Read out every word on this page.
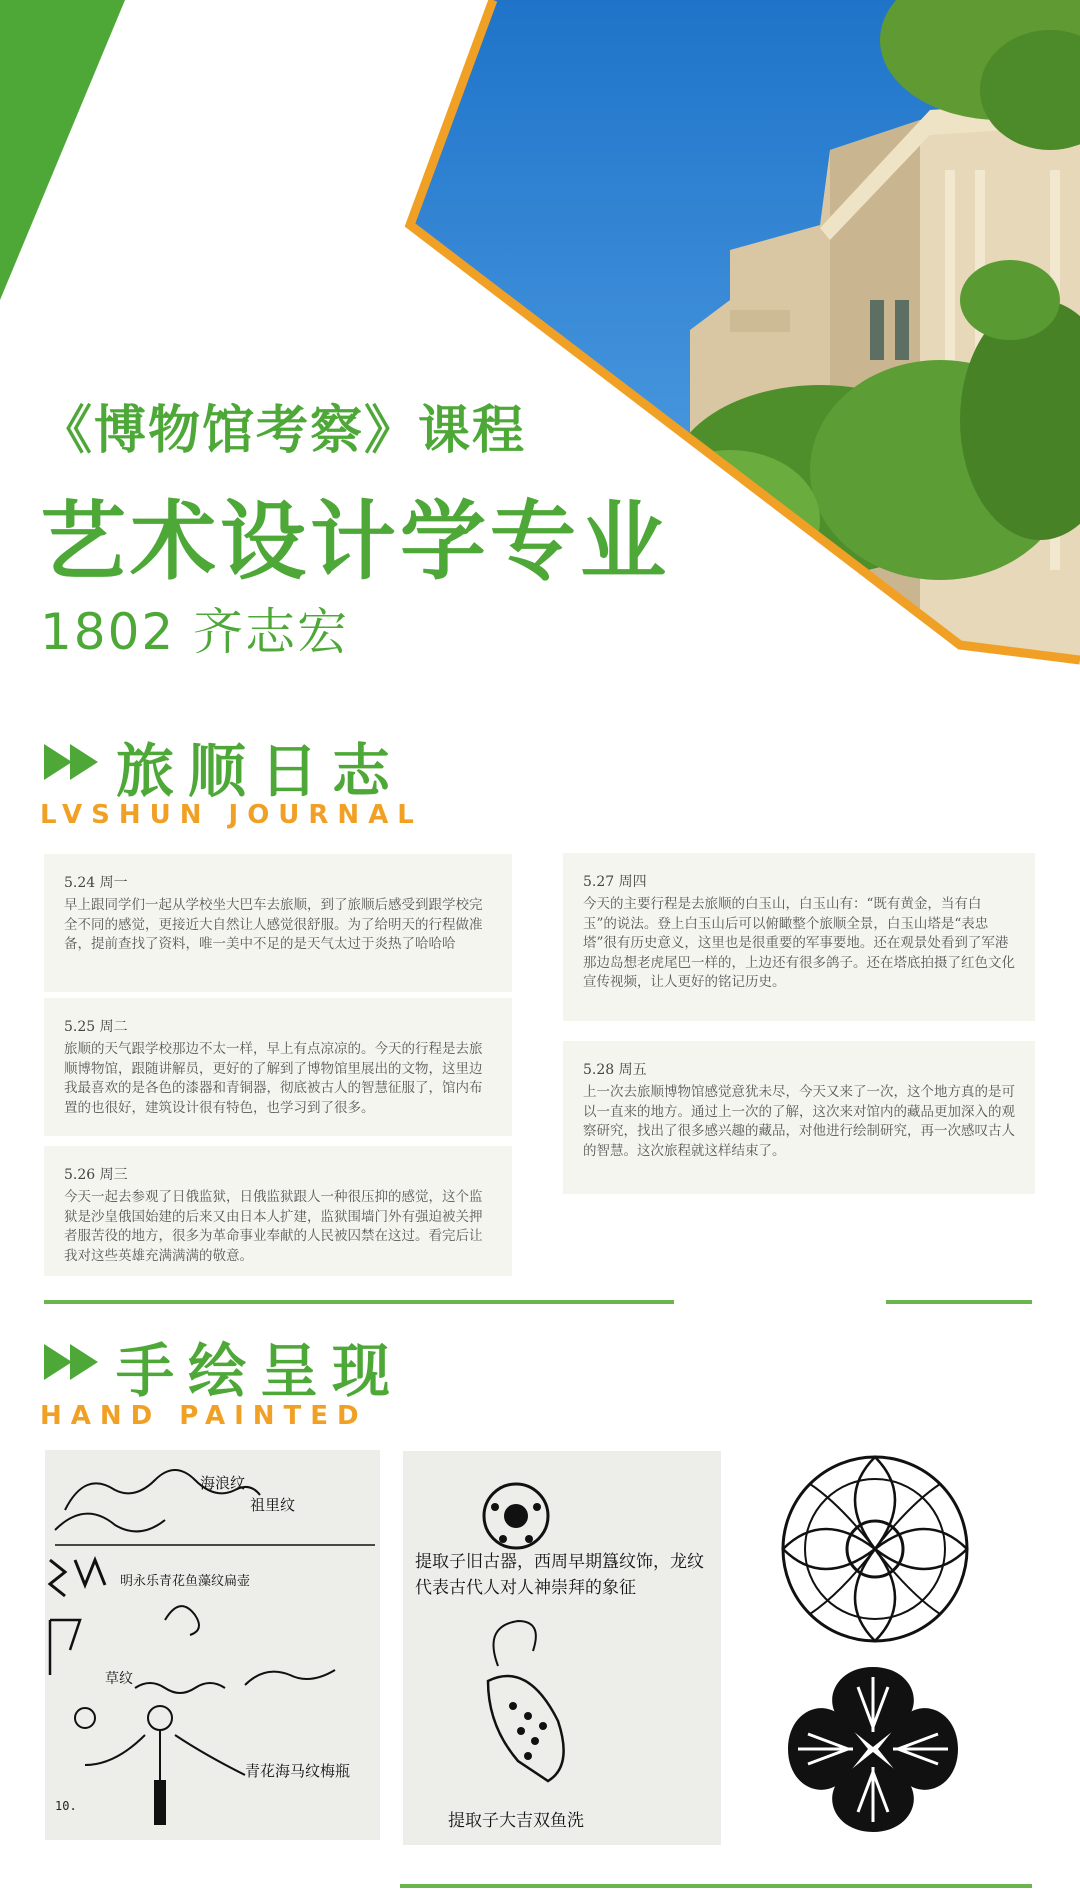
《博物馆考察》课程
艺术设计学专业
1802 齐志宏
旅顺日志
LVSHUN JOURNAL
5.24 周一
早上跟同学们一起从学校坐大巴车去旅顺，到了旅顺后感受到跟学校完全不同的感觉，更接近大自然让人感觉很舒服。为了给明天的行程做准备，提前查找了资料，唯一美中不足的是天气太过于炎热了哈哈哈
5.25 周二
旅顺的天气跟学校那边不太一样，早上有点凉凉的。今天的行程是去旅顺博物馆，跟随讲解员，更好的了解到了博物馆里展出的文物，这里边我最喜欢的是各色的漆器和青铜器，彻底被古人的智慧征服了，馆内布置的也很好，建筑设计很有特色，也学习到了很多。
5.26 周三
今天一起去参观了日俄监狱，日俄监狱跟人一种很压抑的感觉，这个监狱是沙皇俄国始建的后来又由日本人扩建，监狱围墙门外有强迫被关押者服苦役的地方，很多为革命事业奉献的人民被囚禁在这过。看完后让我对这些英雄充满满满的敬意。
5.27 周四
今天的主要行程是去旅顺的白玉山，白玉山有：“既有黄金，当有白玉”的说法。登上白玉山后可以俯瞰整个旅顺全景，白玉山塔是“表忠塔”很有历史意义，这里也是很重要的军事要地。还在观景处看到了军港那边岛想老虎尾巴一样的，上边还有很多鸽子。还在塔底拍摄了红色文化宣传视频，让人更好的铭记历史。
5.28 周五
上一次去旅顺博物馆感觉意犹未尽，今天又来了一次，这个地方真的是可以一直来的地方。通过上一次的了解，这次来对馆内的藏品更加深入的观察研究，找出了很多感兴趣的藏品，对他进行绘制研究，再一次感叹古人的智慧。这次旅程就这样结束了。
手绘呈现
HAND PAINTED
10.
海浪纹
祖里纹
明永乐青花鱼藻纹扁壶
草纹
青花海马纹梅瓶
提取子旧古器，西周早期簋纹饰，龙纹代表古代人对人神崇拜的象征
提取子大吉双鱼洗
